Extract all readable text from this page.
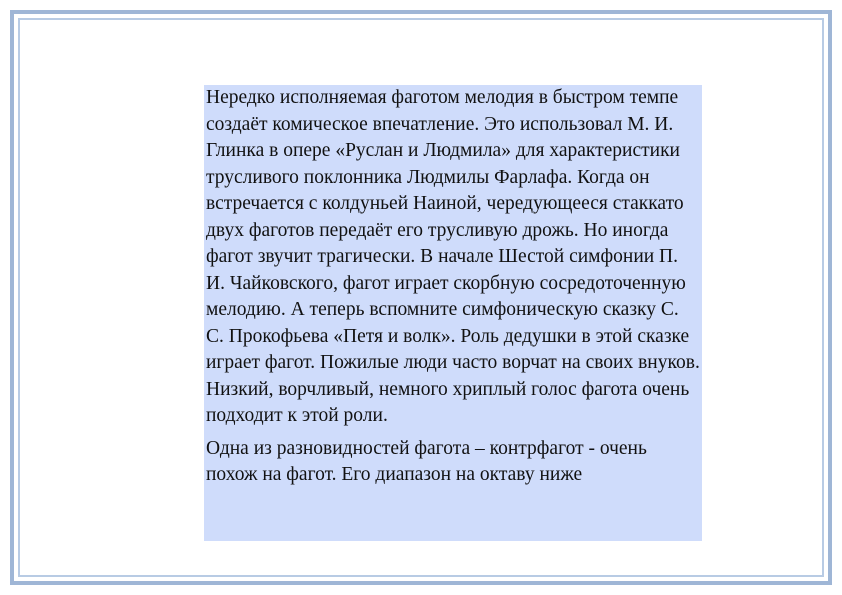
Нередко исполняемая фаготом мелодия в быстром темпе создаёт комическое впечатление. Это использовал М. И. Глинка в опере «Руслан и Людмила» для характеристики трусливого поклонника Людмилы Фарлафа. Когда он встречается с колдуньей Наиной, чередующееся стаккато двух фаготов передаёт его трусливую дрожь. Но иногда фагот звучит трагически. В начале Шестой симфонии П. И. Чайковского, фагот играет скорбную сосредоточенную мелодию. А теперь вспомните симфоническую сказку С. С. Прокофьева «Петя и волк». Роль дедушки в этой сказке играет фагот. Пожилые люди часто ворчат на своих внуков. Низкий, ворчливый, немного хриплый голос фагота очень подходит к этой роли.

Одна из разновидностей фагота – контрфагот - очень похож на фагот. Его диапазон на октаву ниже
